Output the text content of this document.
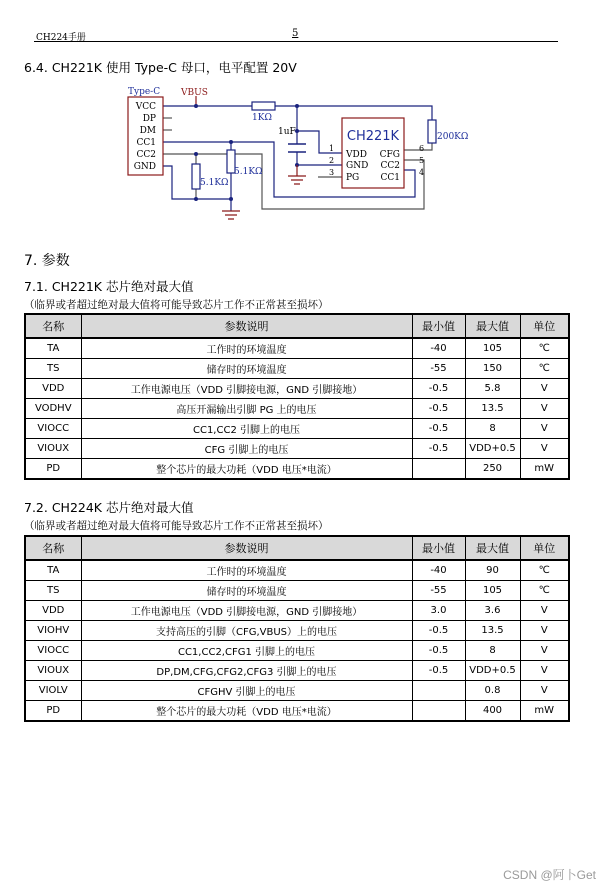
CH224手册	5
6.4. CH221K 使用 Type-C 母口，电平配置 20V
Type-C VBUS
VCC
DP
DM
CC1
CC2
GND
1KΩ
1uF	200KΩ
5.1KΩ
5.1KΩ
CH221K
VDD
GND
PG
CFG
CC2
CC1
1
2
3
6
5
4
7. 参数
7.1. CH221K 芯片绝对最大值
（临界或者超过绝对最大值将可能导致芯片工作不正常甚至损坏）
名称	参数说明	最小值	最大值	单位
TA	工作时的环境温度	-40	105	℃
TS	储存时的环境温度	-55	150	℃
VDD	工作电源电压（VDD 引脚接电源，GND 引脚接地）	-0.5	5.8	V
VODHV	高压开漏输出引脚 PG 上的电压	-0.5	13.5	V
VIOCC	CC1,CC2 引脚上的电压	-0.5	8	V
VIOUX	CFG 引脚上的电压	-0.5	VDD+0.5	V
PD	整个芯片的最大功耗（VDD 电压*电流）		250	mW
7.2. CH224K 芯片绝对最大值
（临界或者超过绝对最大值将可能导致芯片工作不正常甚至损坏）
名称	参数说明	最小值	最大值	单位
TA	工作时的环境温度	-40	90	℃
TS	储存时的环境温度	-55	105	℃
VDD	工作电源电压（VDD 引脚接电源，GND 引脚接地）	3.0	3.6	V
VIOHV	支持高压的引脚（CFG,VBUS）上的电压	-0.5	13.5	V
VIOCC	CC1,CC2,CFG1 引脚上的电压	-0.5	8	V
VIOUX	DP,DM,CFG,CFG2,CFG3 引脚上的电压	-0.5	VDD+0.5	V
VIOLV	CFGHV 引脚上的电压		0.8	V
PD	整个芯片的最大功耗（VDD 电压*电流）		400	mW
CSDN @阿卜Get
